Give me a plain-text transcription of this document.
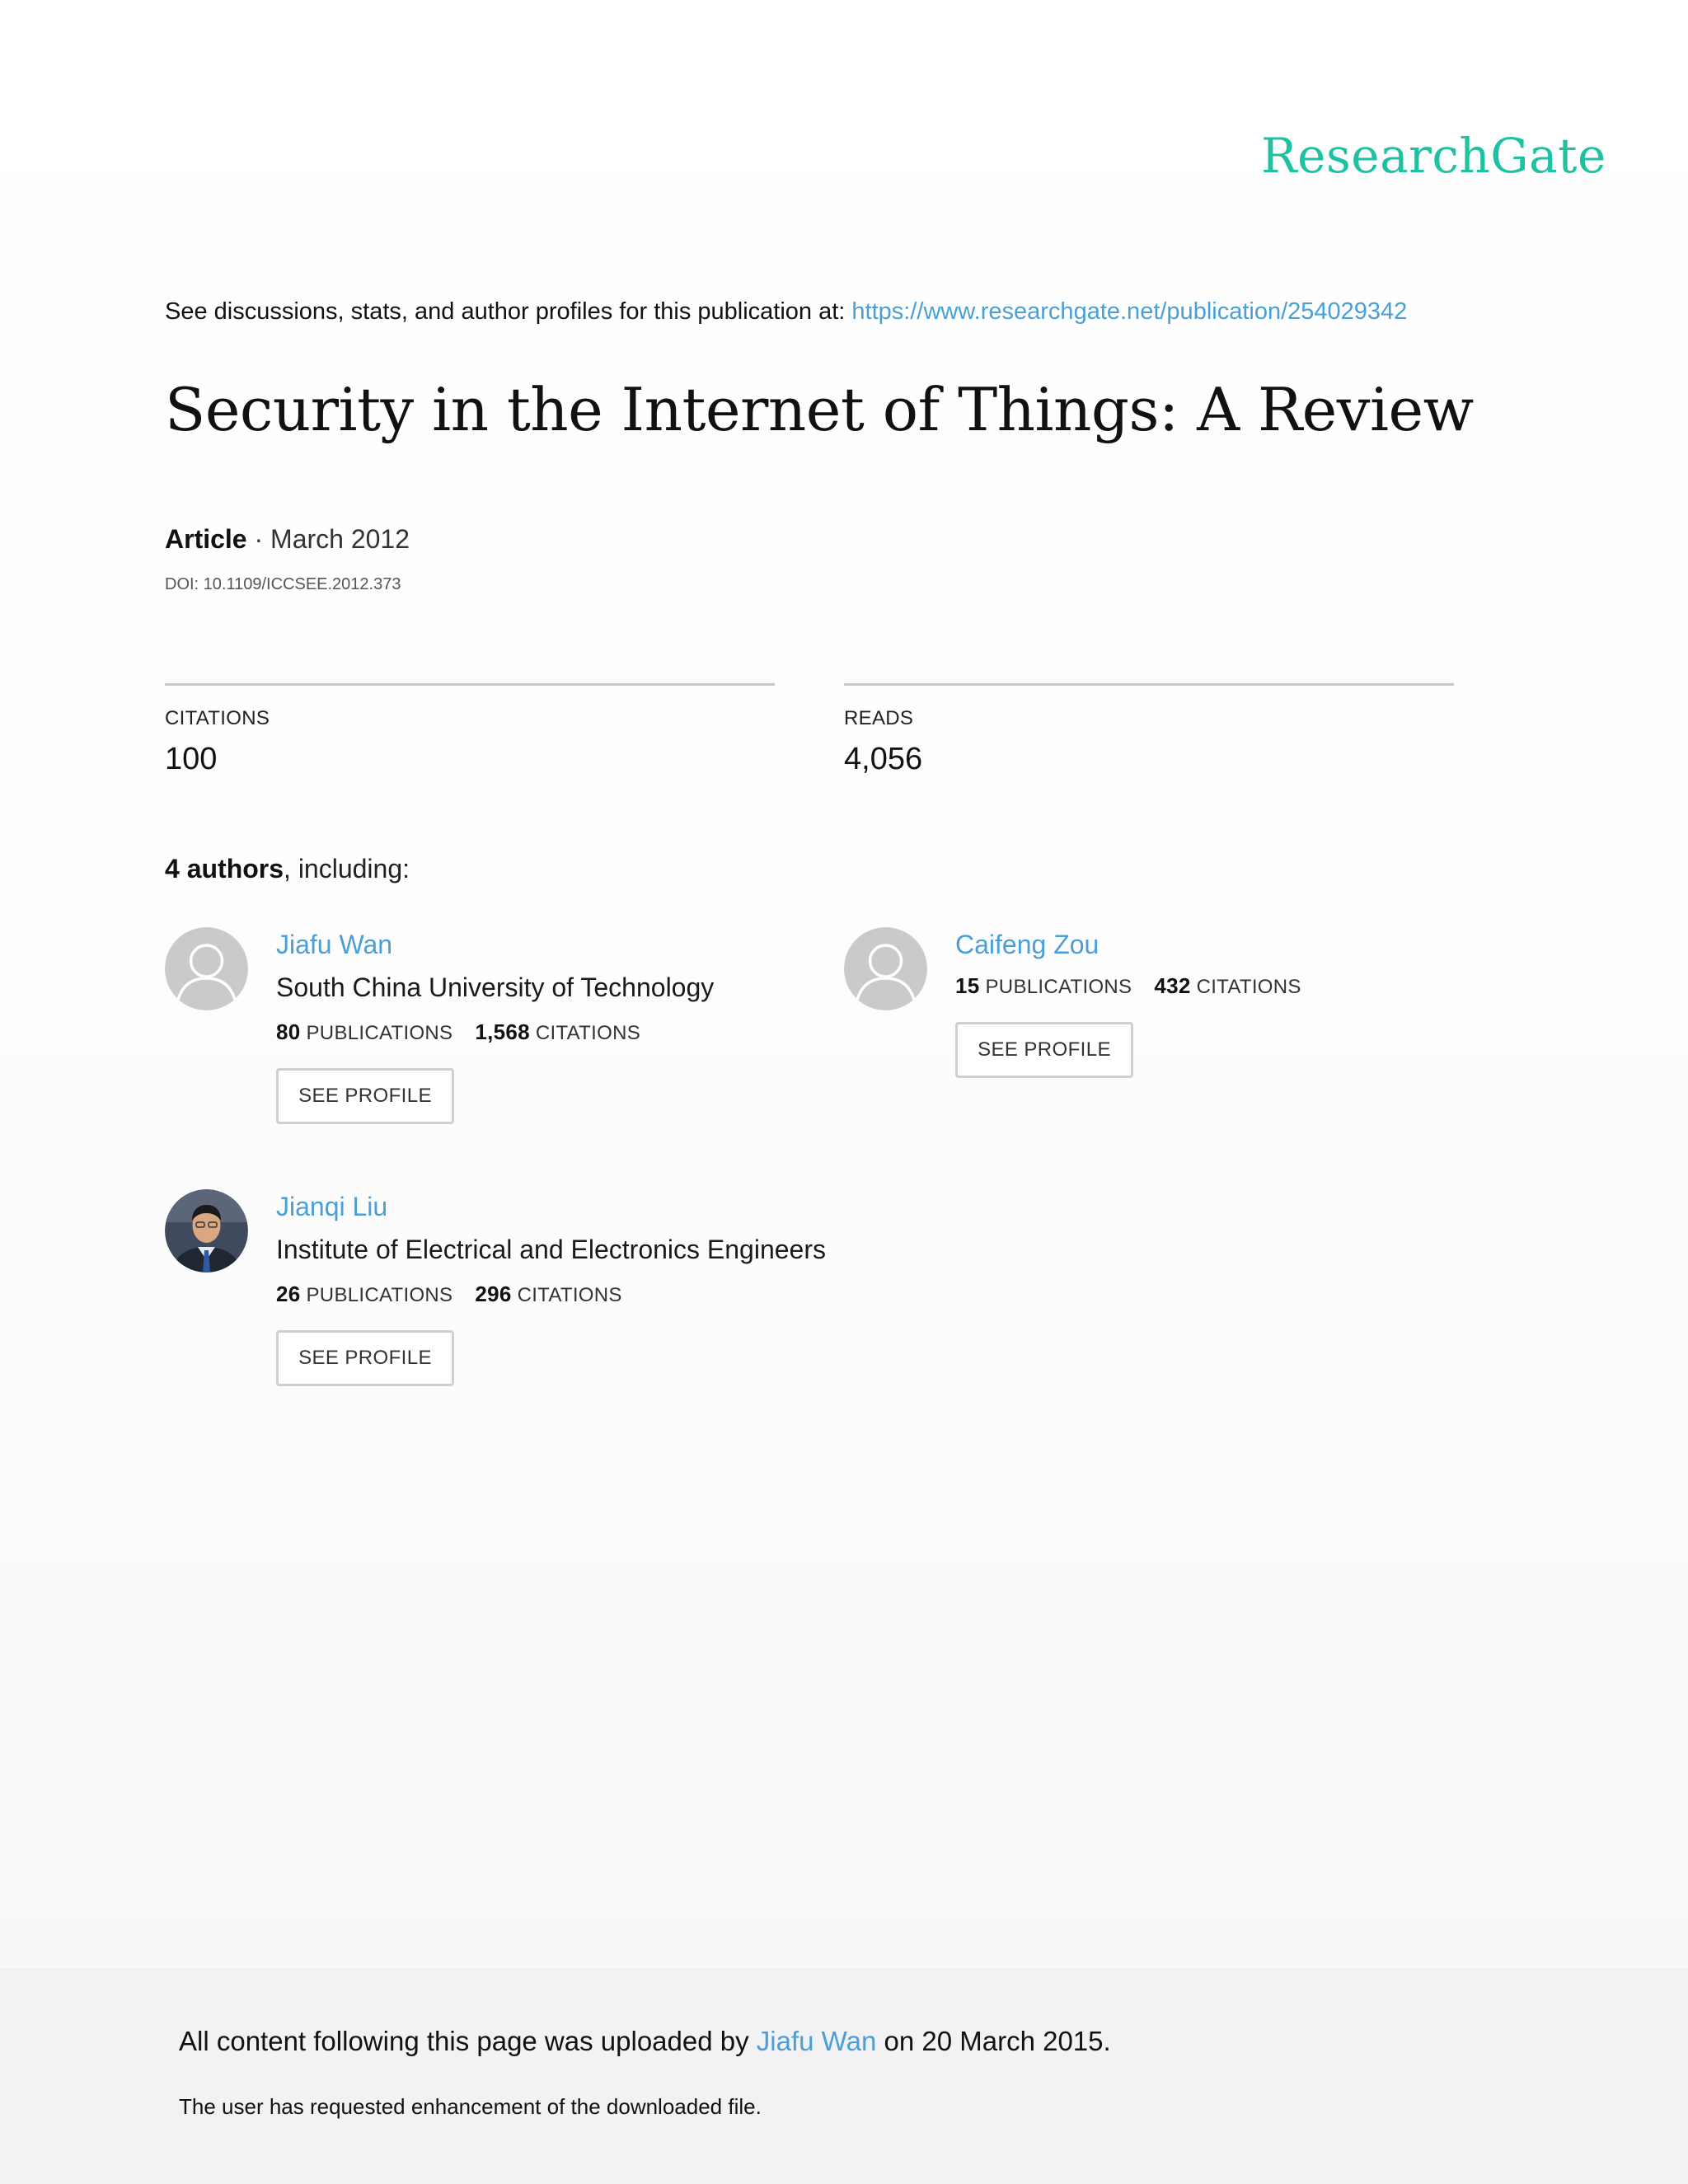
ResearchGate
See discussions, stats, and author profiles for this publication at: https://www.researchgate.net/publication/254029342
Security in the Internet of Things: A Review
Article · March 2012
DOI: 10.1109/ICCSEE.2012.373
CITATIONS
100
READS
4,056
4 authors, including:
Jiafu Wan
South China University of Technology
80 PUBLICATIONS 1,568 CITATIONS
SEE PROFILE
Caifeng Zou
15 PUBLICATIONS 432 CITATIONS
SEE PROFILE
Jianqi Liu
Institute of Electrical and Electronics Engineers
26 PUBLICATIONS 296 CITATIONS
SEE PROFILE
All content following this page was uploaded by Jiafu Wan on 20 March 2015.
The user has requested enhancement of the downloaded file.
